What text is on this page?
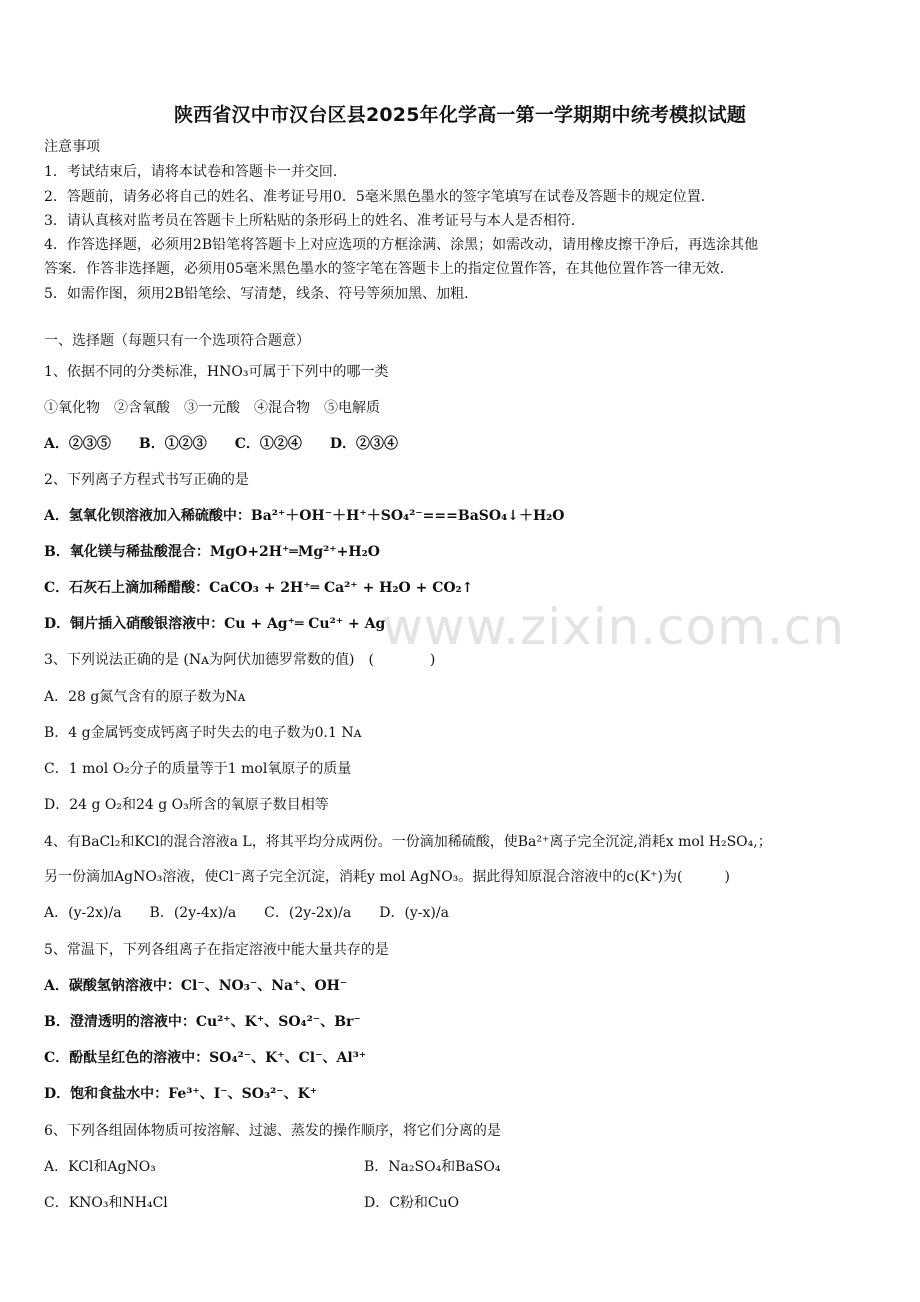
陕西省汉中市汉台区县2025年化学高一第一学期期中统考模拟试题
注意事项
1．考试结束后，请将本试卷和答题卡一并交回．
2．答题前，请务必将自己的姓名、准考证号用0．5毫米黑色墨水的签字笔填写在试卷及答题卡的规定位置．
3．请认真核对监考员在答题卡上所粘贴的条形码上的姓名、准考证号与本人是否相符．
4．作答选择题，必须用2B铅笔将答题卡上对应选项的方框涂满、涂黑；如需改动，请用橡皮擦干净后，再选涂其他
答案．作答非选择题，必须用05毫米黑色墨水的签字笔在答题卡上的指定位置作答，在其他位置作答一律无效．
5．如需作图，须用2B铅笔绘、写清楚，线条、符号等须加黑、加粗．
一、选择题（每题只有一个选项符合题意）
1、依据不同的分类标准，HNO₃可属于下列中的哪一类
①氧化物　②含氧酸　③一元酸　④混合物　⑤电解质
A．②③⑤　　B．①②③　　C．①②④　　D．②③④
2、下列离子方程式书写正确的是
A．氢氧化钡溶液加入稀硫酸中：Ba²⁺＋OH⁻＋H⁺＋SO₄²⁻===BaSO₄↓＋H₂O
B．氧化镁与稀盐酸混合：MgO+2H⁺═Mg²⁺+H₂O
C．石灰石上滴加稀醋酸：CaCO₃ + 2H⁺═ Ca²⁺ + H₂O + CO₂↑
D．铜片插入硝酸银溶液中：Cu + Ag⁺═ Cu²⁺ + Ag
3、下列说法正确的是 (Nᴀ为阿伏加德罗常数的值)　(　　　　)
A．28 g氮气含有的原子数为Nᴀ
B．4 g金属钙变成钙离子时失去的电子数为0.1 Nᴀ
C．1 mol O₂分子的质量等于1 mol氧原子的质量
D．24 g O₂和24 g O₃所含的氧原子数目相等
4、有BaCl₂和KCl的混合溶液a L，将其平均分成两份。一份滴加稀硫酸，使Ba²⁺离子完全沉淀,消耗x mol H₂SO₄,；
另一份滴加AgNO₃溶液，使Cl⁻离子完全沉淀，消耗y mol AgNO₃。据此得知原混合溶液中的c(K⁺)为(　　　)
A．(y-2x)/a　　B．(2y-4x)/a　　C．(2y-2x)/a　　D．(y-x)/a
5、常温下，下列各组离子在指定溶液中能大量共存的是
A．碳酸氢钠溶液中：Cl⁻、NO₃⁻、Na⁺、OH⁻
B．澄清透明的溶液中：Cu²⁺、K⁺、SO₄²⁻、Br⁻
C．酚酞呈红色的溶液中：SO₄²⁻、K⁺、Cl⁻、Al³⁺
D．饱和食盐水中：Fe³⁺、I⁻、SO₃²⁻、K⁺
6、下列各组固体物质可按溶解、过滤、蒸发的操作顺序，将它们分离的是
A．KCl和AgNO₃	B．Na₂SO₄和BaSO₄
C．KNO₃和NH₄Cl	D．C粉和CuO
www.zixin.com.cn
